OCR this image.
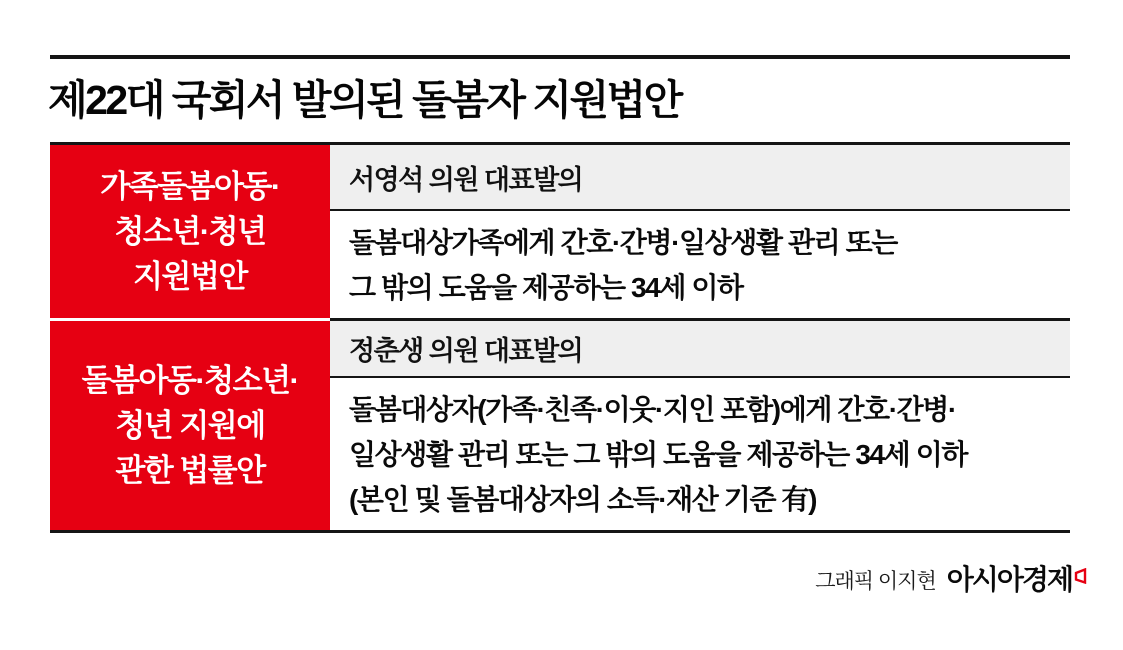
제22대 국회서 발의된 돌봄자 지원법안
가족돌봄아동·
청소년·청년
지원법안
서영석 의원 대표발의
돌봄대상가족에게 간호·간병·일상생활 관리 또는
그 밖의 도움을 제공하는 34세 이하
돌봄아동·청소년·
청년 지원에
관한 법률안
정춘생 의원 대표발의
돌봄대상자(가족·친족·이웃·지인 포함)에게 간호·간병·
일상생활 관리 또는 그 밖의 도움을 제공하는 34세 이하
(본인 및 돌봄대상자의 소득·재산 기준 有)
그래픽 이지현 아시아경제
